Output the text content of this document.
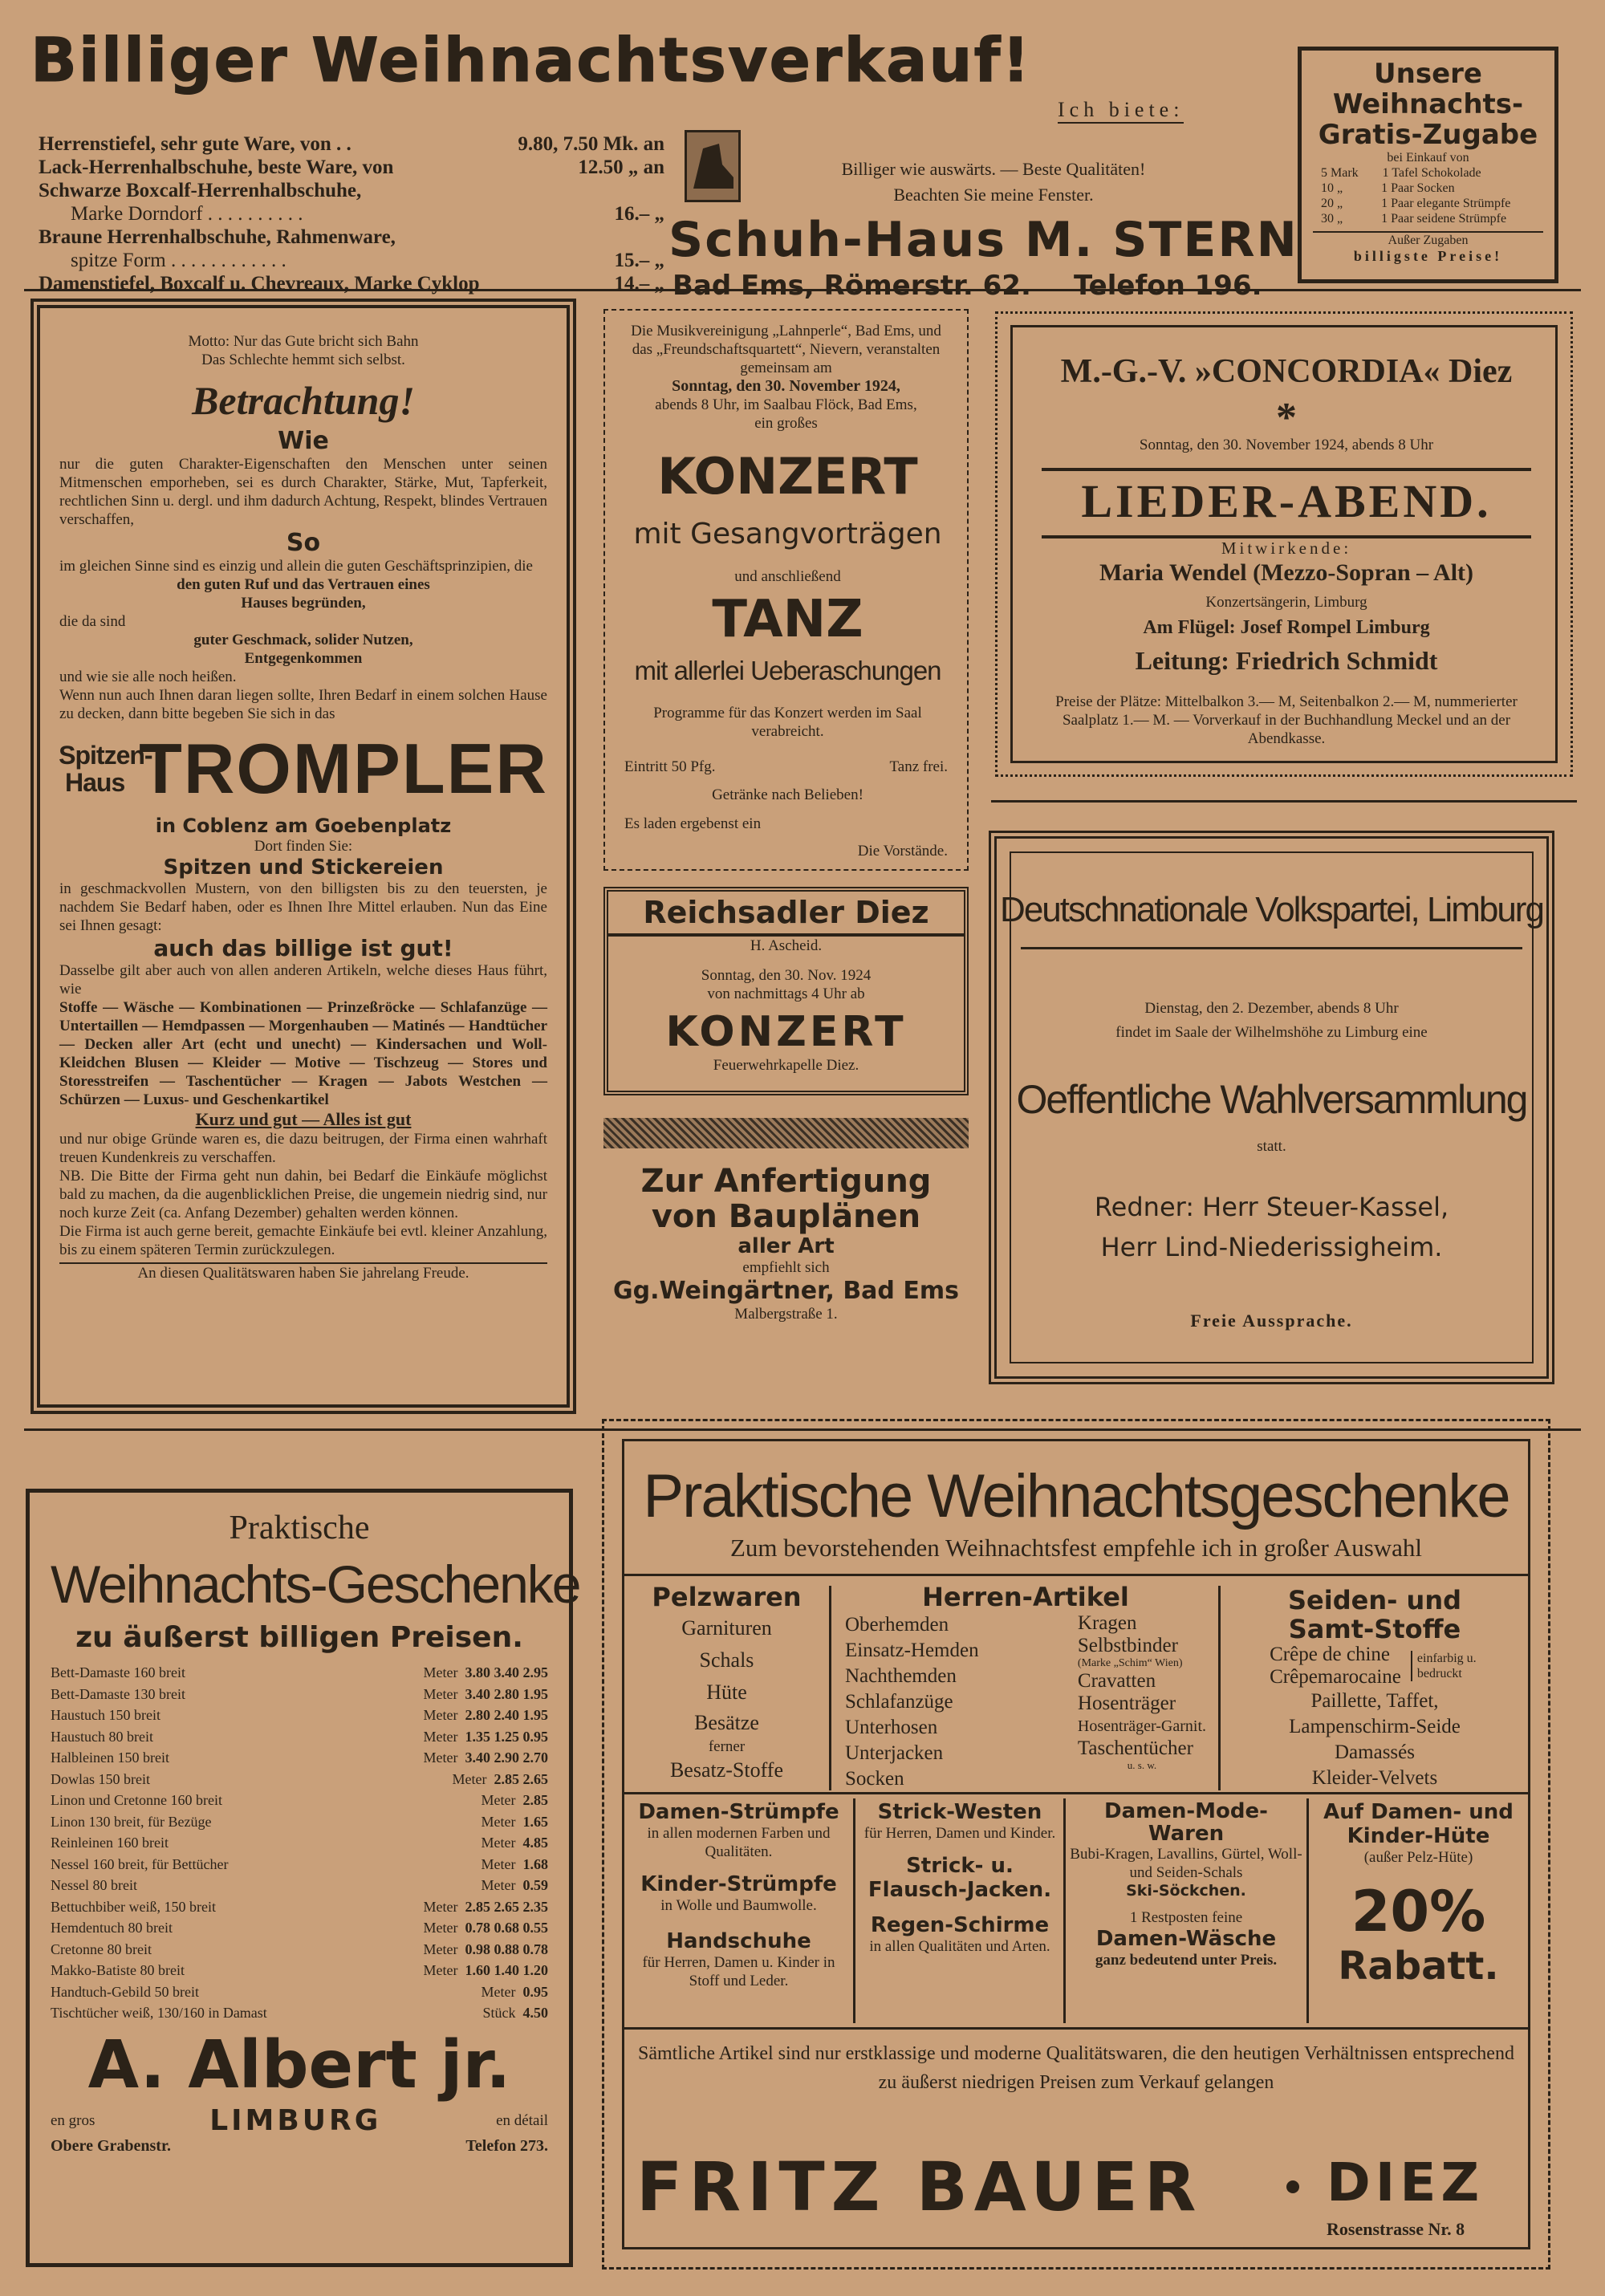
Billiger Weihnachtsverkauf!
Ich biete:
Herrenstiefel, sehr gute Ware, von . .	9.80, 7.50 Mk. an
Lack-Herrenhalbschuhe, beste Ware, von	12.50 „ an
Schwarze Boxcalf-Herrenhalbschuhe,
Marke Dorndorf . . . . . . . . . .	16.– „
Braune Herrenhalbschuhe, Rahmenware,
spitze Form . . . . . . . . . . . .	15.– „
Damenstiefel, Boxcalf u. Chevreaux, Marke Cyklop	14.– „
Billiger wie auswärts. — Beste Qualitäten!
Beachten Sie meine Fenster.
Schuh-Haus M. STERN
Bad Ems, Römerstr. 62. Telefon 196.
Unsere Weihnachts- Gratis-Zugabe
bei Einkauf von
5 Mark 1 Tafel Schokolade
10 „	1 Paar Socken
20 „	1 Paar elegante Strümpfe
30 „	1 Paar seidene Strümpfe
Außer Zugaben
billigste Preise!
Motto: Nur das Gute bricht sich Bahn
Das Schlechte hemmt sich selbst.
Betrachtung!
Wie
nur die guten Charakter-Eigenschaften den Menschen unter seinen Mitmenschen emporheben, sei es durch Charakter, Stärke, Mut, Tapferkeit, rechtlichen Sinn u. dergl. und ihm dadurch Achtung, Respekt, blindes Vertrauen verschaffen,
So
im gleichen Sinne sind es einzig und allein die guten Geschäftsprinzipien, die
den guten Ruf und das Vertrauen eines Hauses begründen,
die da sind
guter Geschmack, solider Nutzen, Entgegenkommen
und wie sie alle noch heißen.
Wenn nun auch Ihnen daran liegen sollte, Ihren Bedarf in einem solchen Hause zu decken, dann bitte begeben Sie sich in das
Spitzen-Haus TROMPLER
in Coblenz am Goebenplatz
Dort finden Sie:
Spitzen und Stickereien
in geschmackvollen Mustern, von den billigsten bis zu den teuersten, je nachdem Sie Bedarf haben, oder es Ihnen Ihre Mittel erlauben. Nun das Eine sei Ihnen gesagt:
auch das billige ist gut!
Dasselbe gilt aber auch von allen anderen Artikeln, welche dieses Haus führt, wie
Stoffe — Wäsche — Kombinationen — Prinzeßröcke — Schlafanzüge — Untertaillen — Hemdpassen — Morgenhauben — Matinés — Handtücher — Decken aller Art (echt und unecht) — Kindersachen und Woll-Kleidchen Blusen — Kleider — Motive — Tischzeug — Stores und Storesstreifen — Taschentücher — Kragen — Jabots Westchen — Schürzen — Luxus- und Geschenkartikel
Kurz und gut — Alles ist gut
und nur obige Gründe waren es, die dazu beitrugen, der Firma einen wahrhaft treuen Kundenkreis zu verschaffen.
NB. Die Bitte der Firma geht nun dahin, bei Bedarf die Einkäufe möglichst bald zu machen, da die augenblicklichen Preise, die ungemein niedrig sind, nur noch kurze Zeit (ca. Anfang Dezember) gehalten werden können.
Die Firma ist auch gerne bereit, gemachte Einkäufe bei evtl. kleiner Anzahlung, bis zu einem späteren Termin zurückzulegen.
An diesen Qualitätswaren haben Sie jahrelang Freude.
Die Musikvereinigung „Lahnperle“, Bad Ems, und das „Freundschaftsquartett“, Nievern, veranstalten gemeinsam am
Sonntag, den 30. November 1924,
abends 8 Uhr, im Saalbau Flöck, Bad Ems,
ein großes
KONZERT
mit Gesangvorträgen
und anschließend
TANZ
mit allerlei Ueberaschungen
Programme für das Konzert werden im Saal verabreicht.
Eintritt 50 Pfg.	Tanz frei.
Getränke nach Belieben!
Es laden ergebenst ein
Die Vorstände.
Reichsadler Diez
H. Ascheid.
Sonntag, den 30. Nov. 1924
von nachmittags 4 Uhr ab
KONZERT
Feuerwehrkapelle Diez.
Zur Anfertigung
von Bauplänen
aller Art
empfiehlt sich
Gg.Weingärtner, Bad Ems
Malbergstraße 1.
M.-G.-V. »CONCORDIA« Diez
*
Sonntag, den 30. November 1924, abends 8 Uhr
LIEDER-ABEND.
Mitwirkende:
Maria Wendel (Mezzo-Sopran – Alt)
Konzertsängerin, Limburg
Am Flügel: Josef Rompel Limburg
Leitung: Friedrich Schmidt
Preise der Plätze: Mittelbalkon 3.— M, Seitenbalkon 2.— M, nummerierter Saalplatz 1.— M. — Vorverkauf in der Buchhandlung Meckel und an der Abendkasse.
Deutschnationale Volkspartei, Limburg
Dienstag, den 2. Dezember, abends 8 Uhr
findet im Saale der Wilhelmshöhe zu Limburg eine
Oeffentliche Wahlversammlung
statt.
Redner: Herr Steuer-Kassel,
Herr Lind-Niederissigheim.
Freie Aussprache.
Praktische
Weihnachts-Geschenke
zu äußerst billigen Preisen.
Bett-Damaste 160 breit	Meter 3.80 3.40 2.95
Bett-Damaste 130 breit	Meter 3.40 2.80 1.95
Haustuch 150 breit	Meter 2.80 2.40 1.95
Haustuch 80 breit	Meter 1.35 1.25 0.95
Halbleinen 150 breit	Meter 3.40 2.90 2.70
Dowlas 150 breit	Meter 2.85 2.65
Linon und Cretonne 160 breit	Meter 2.85
Linon 130 breit, für Bezüge	Meter 1.65
Reinleinen 160 breit	Meter 4.85
Nessel 160 breit, für Bettücher	Meter 1.68
Nessel 80 breit	Meter 0.59
Bettuchbiber weiß, 150 breit	Meter 2.85 2.65 2.35
Hemdentuch 80 breit	Meter 0.78 0.68 0.55
Cretonne 80 breit	Meter 0.98 0.88 0.78
Makko-Batiste 80 breit	Meter 1.60 1.40 1.20
Handtuch-Gebild 50 breit	Meter 0.95
Tischtücher weiß, 130/160 in Damast	Stück 4.50
A. Albert jr.
en gros	LIMBURG	en détail
Obere Grabenstr.	Telefon 273.
Praktische Weihnachtsgeschenke
Zum bevorstehenden Weihnachtsfest empfehle ich in großer Auswahl
Pelzwaren
Garnituren
Schals
Hüte
Besätze
ferner
Besatz-Stoffe
Herren-Artikel
Oberhemden
Einsatz-Hemden
Nachthemden
Schlafanzüge
Unterhosen
Unterjacken
Socken
Kragen
Selbstbinder
(Marke „Schim“ Wien)
Cravatten
Hosenträger
Hosenträger-Garnit.
Taschentücher
u. s. w.
Seiden- und Samt-Stoffe
Crêpe de chine
Crêpemarocaine
einfarbig u. bedruckt
Paillette, Taffet,
Lampenschirm-Seide
Damassés
Kleider-Velvets
Damen-Strümpfe
in allen modernen Farben und Qualitäten.
Kinder-Strümpfe
in Wolle und Baumwolle.
Handschuhe
für Herren, Damen u. Kinder in Stoff und Leder.
Strick-Westen
für Herren, Damen und Kinder.
Strick- u. Flausch-Jacken.
Regen-Schirme
in allen Qualitäten und Arten.
Damen-Mode-Waren
Bubi-Kragen, Lavallins, Gürtel, Woll- und Seiden-Schals
Ski-Söckchen.
1 Restposten feine
Damen-Wäsche
ganz bedeutend unter Preis.
Auf Damen- und Kinder-Hüte
(außer Pelz-Hüte)
20%
Rabatt.
Sämtliche Artikel sind nur erstklassige und moderne Qualitätswaren, die den heutigen Verhältnissen entsprechend zu äußerst niedrigen Preisen zum Verkauf gelangen
FRITZ BAUER DIEZ
Rosenstrasse Nr. 8
